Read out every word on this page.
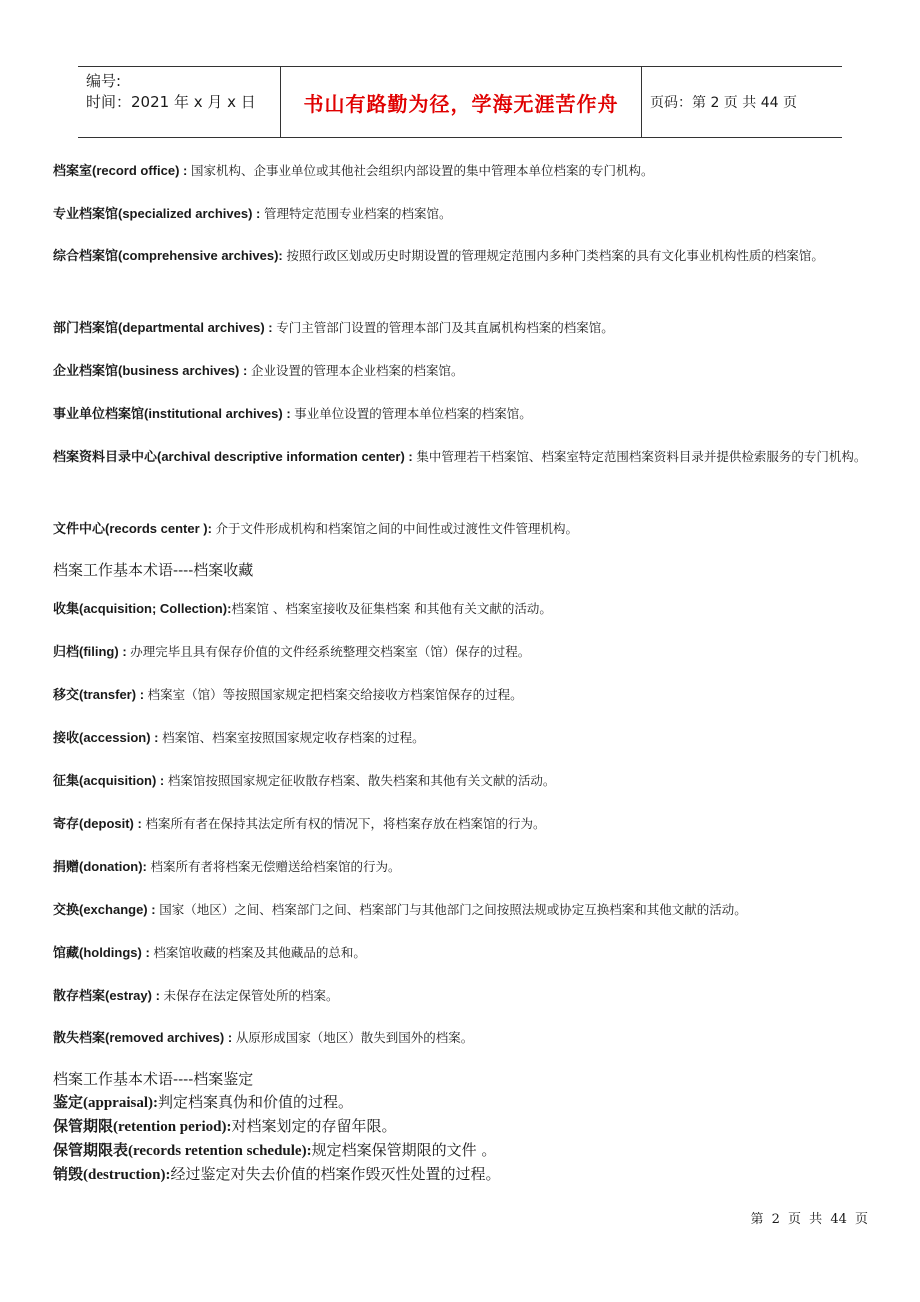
编号:
时间：2021 年 x 月 x 日	书山有路勤为径，学海无涯苦作舟	页码：第 2 页 共 44 页
档案室(record office) : 国家机构、企事业单位或其他社会组织内部设置的集中管理本单位档案的专门机构。
专业档案馆(specialized archives) : 管理特定范围专业档案的档案馆。
综合档案馆(comprehensive archives): 按照行政区划或历史时期设置的管理规定范围内多种门类档案的具有文化事业机构性质的档案馆。
部门档案馆(departmental archives) : 专门主管部门设置的管理本部门及其直属机构档案的档案馆。
企业档案馆(business archives) : 企业设置的管理本企业档案的档案馆。
事业单位档案馆(institutional archives) : 事业单位设置的管理本单位档案的档案馆。
档案资料目录中心(archival descriptive information center) : 集中管理若干档案馆、档案室特定范围档案资料目录并提供检索服务的专门机构。
文件中心(records center ): 介于文件形成机构和档案馆之间的中间性或过渡性文件管理机构。
档案工作基本术语----档案收藏
收集(acquisition; Collection):档案馆 、档案室接收及征集档案 和其他有关文献的活动。
归档(filing) : 办理完毕且具有保存价值的文件经系统整理交档案室（馆）保存的过程。
移交(transfer) : 档案室（馆）等按照国家规定把档案交给接收方档案馆保存的过程。
接收(accession) : 档案馆、档案室按照国家规定收存档案的过程。
征集(acquisition) : 档案馆按照国家规定征收散存档案、散失档案和其他有关文献的活动。
寄存(deposit) : 档案所有者在保持其法定所有权的情况下，将档案存放在档案馆的行为。
捐赠(donation): 档案所有者将档案无偿赠送给档案馆的行为。
交换(exchange) : 国家（地区）之间、档案部门之间、档案部门与其他部门之间按照法规或协定互换档案和其他文献的活动。
馆藏(holdings) : 档案馆收藏的档案及其他藏品的总和。
散存档案(estray) : 未保存在法定保管处所的档案。
散失档案(removed archives) : 从原形成国家（地区）散失到国外的档案。
档案工作基本术语----档案鉴定
鉴定(appraisal):判定档案真伪和价值的过程。
保管期限(retention period):对档案划定的存留年限。
保管期限表(records retention schedule):规定档案保管期限的文件 。
销毁(destruction):经过鉴定对失去价值的档案作毁灭性处置的过程。
第 2 页 共 44 页
